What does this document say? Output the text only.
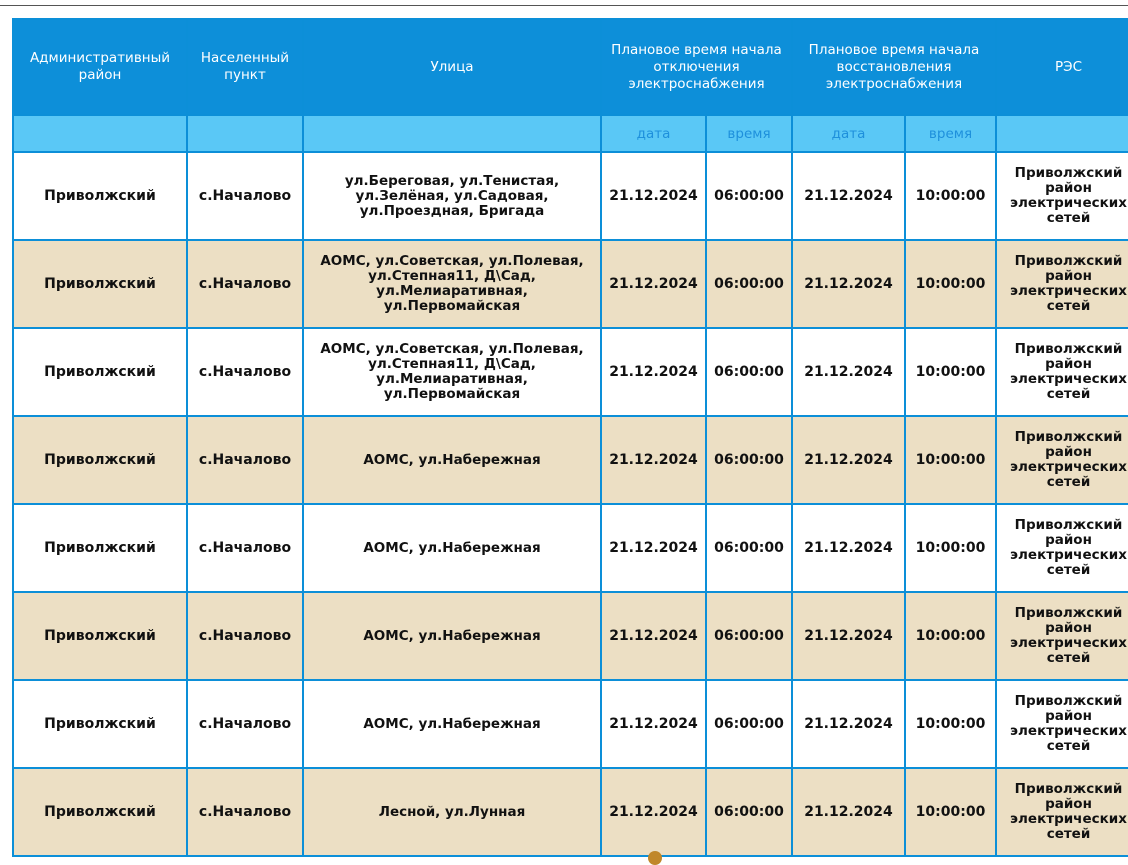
Административный район	Населенный пункт	Улица	Плановое время начала отключения электроснабжения		Плановое время начала восстановления электроснабжения		РЭС
			дата	время	дата	время	
Приволжский	с.Началово	ул.Береговая, ул.Тенистая, ул.Зелёная, ул.Садовая, ул.Проездная, Бригада	21.12.2024	06:00:00	21.12.2024	10:00:00	Приволжский район электрических сетей
Приволжский	с.Началово	АОМС, ул.Советская, ул.Полевая, ул.Степная11, Д\Сад, ул.Мелиаративная, ул.Первомайская	21.12.2024	06:00:00	21.12.2024	10:00:00	Приволжский район электрических сетей
Приволжский	с.Началово	АОМС, ул.Советская, ул.Полевая, ул.Степная11, Д\Сад, ул.Мелиаративная, ул.Первомайская	21.12.2024	06:00:00	21.12.2024	10:00:00	Приволжский район электрических сетей
Приволжский	с.Началово	АОМС, ул.Набережная	21.12.2024	06:00:00	21.12.2024	10:00:00	Приволжский район электрических сетей
Приволжский	с.Началово	АОМС, ул.Набережная	21.12.2024	06:00:00	21.12.2024	10:00:00	Приволжский район электрических сетей
Приволжский	с.Началово	АОМС, ул.Набережная	21.12.2024	06:00:00	21.12.2024	10:00:00	Приволжский район электрических сетей
Приволжский	с.Началово	АОМС, ул.Набережная	21.12.2024	06:00:00	21.12.2024	10:00:00	Приволжский район электрических сетей
Приволжский	с.Началово	Лесной, ул.Лунная	21.12.2024	06:00:00	21.12.2024	10:00:00	Приволжский район электрических сетей
